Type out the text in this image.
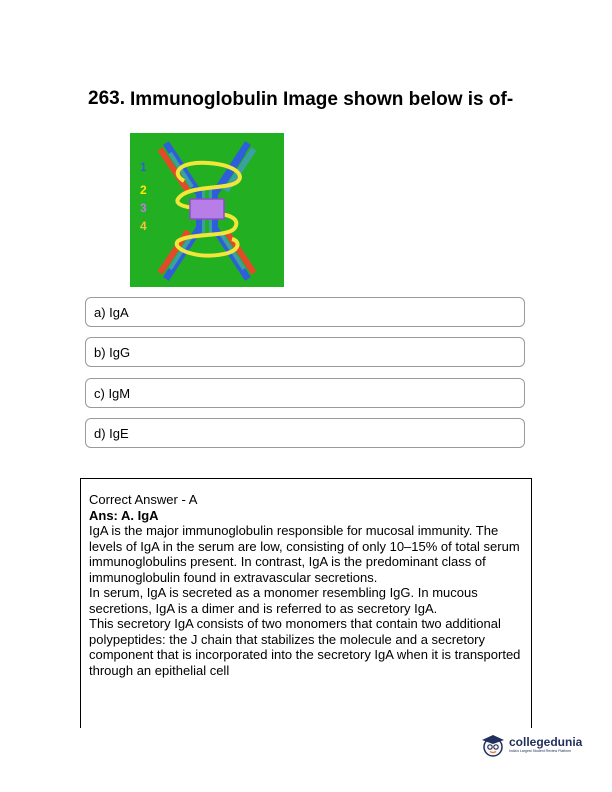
263. Immunoglobulin Image shown below is of-
1
2
3
4
a) IgA
b) IgG
c) IgM
d) IgE

Correct Answer - A

Ans: A. IgA

IgA is the major immunoglobulin responsible for mucosal immunity. The levels of IgA in the serum are low, consisting of only 10–15% of total serum immunoglobulins present. In contrast, IgA is the predominant class of immunoglobulin found in extravascular secretions.

In serum, IgA is secreted as a monomer resembling IgG. In mucous secretions, IgA is a dimer and is referred to as secretory IgA.

This secretory IgA consists of two monomers that contain two additional polypeptides: the J chain that stabilizes the molecule and a secretory component that is incorporated into the secretory IgA when it is transported through an epithelial cell

collegedunia
India's Largest Student Review Platform
